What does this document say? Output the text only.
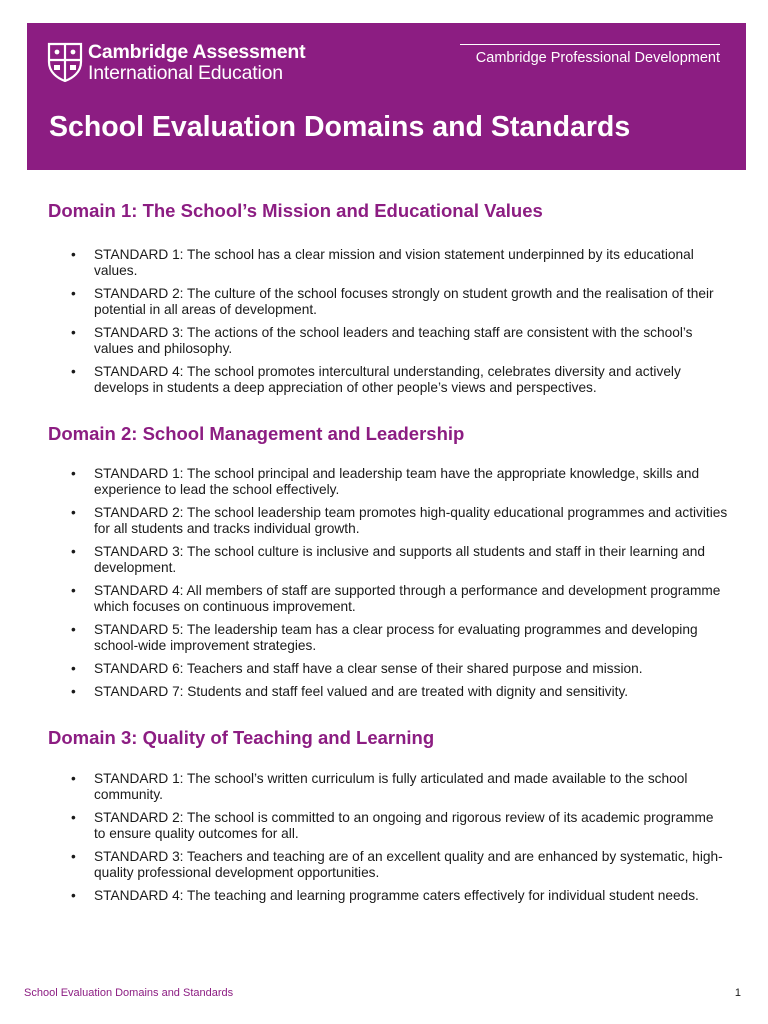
Cambridge Assessment
International Education
Cambridge Professional Development
School Evaluation Domains and Standards
Domain 1: The School’s Mission and Educational Values
• STANDARD 1: The school has a clear mission and vision statement underpinned by its educational values.
• STANDARD 2: The culture of the school focuses strongly on student growth and the realisation of their potential in all areas of development.
• STANDARD 3: The actions of the school leaders and teaching staff are consistent with the school’s values and philosophy.
• STANDARD 4: The school promotes intercultural understanding, celebrates diversity and actively develops in students a deep appreciation of other people’s views and perspectives.
Domain 2: School Management and Leadership
• STANDARD 1: The school principal and leadership team have the appropriate knowledge, skills and experience to lead the school effectively.
• STANDARD 2: The school leadership team promotes high-quality educational programmes and activities for all students and tracks individual growth.
• STANDARD 3: The school culture is inclusive and supports all students and staff in their learning and development.
• STANDARD 4: All members of staff are supported through a performance and development programme which focuses on continuous improvement.
• STANDARD 5: The leadership team has a clear process for evaluating programmes and developing school-wide improvement strategies.
• STANDARD 6: Teachers and staff have a clear sense of their shared purpose and mission.
• STANDARD 7: Students and staff feel valued and are treated with dignity and sensitivity.
Domain 3: Quality of Teaching and Learning
• STANDARD 1: The school’s written curriculum is fully articulated and made available to the school community.
• STANDARD 2: The school is committed to an ongoing and rigorous review of its academic programme to ensure quality outcomes for all.
• STANDARD 3: Teachers and teaching are of an excellent quality and are enhanced by systematic, high- quality professional development opportunities.
• STANDARD 4: The teaching and learning programme caters effectively for individual student needs.
School Evaluation Domains and Standards	1
